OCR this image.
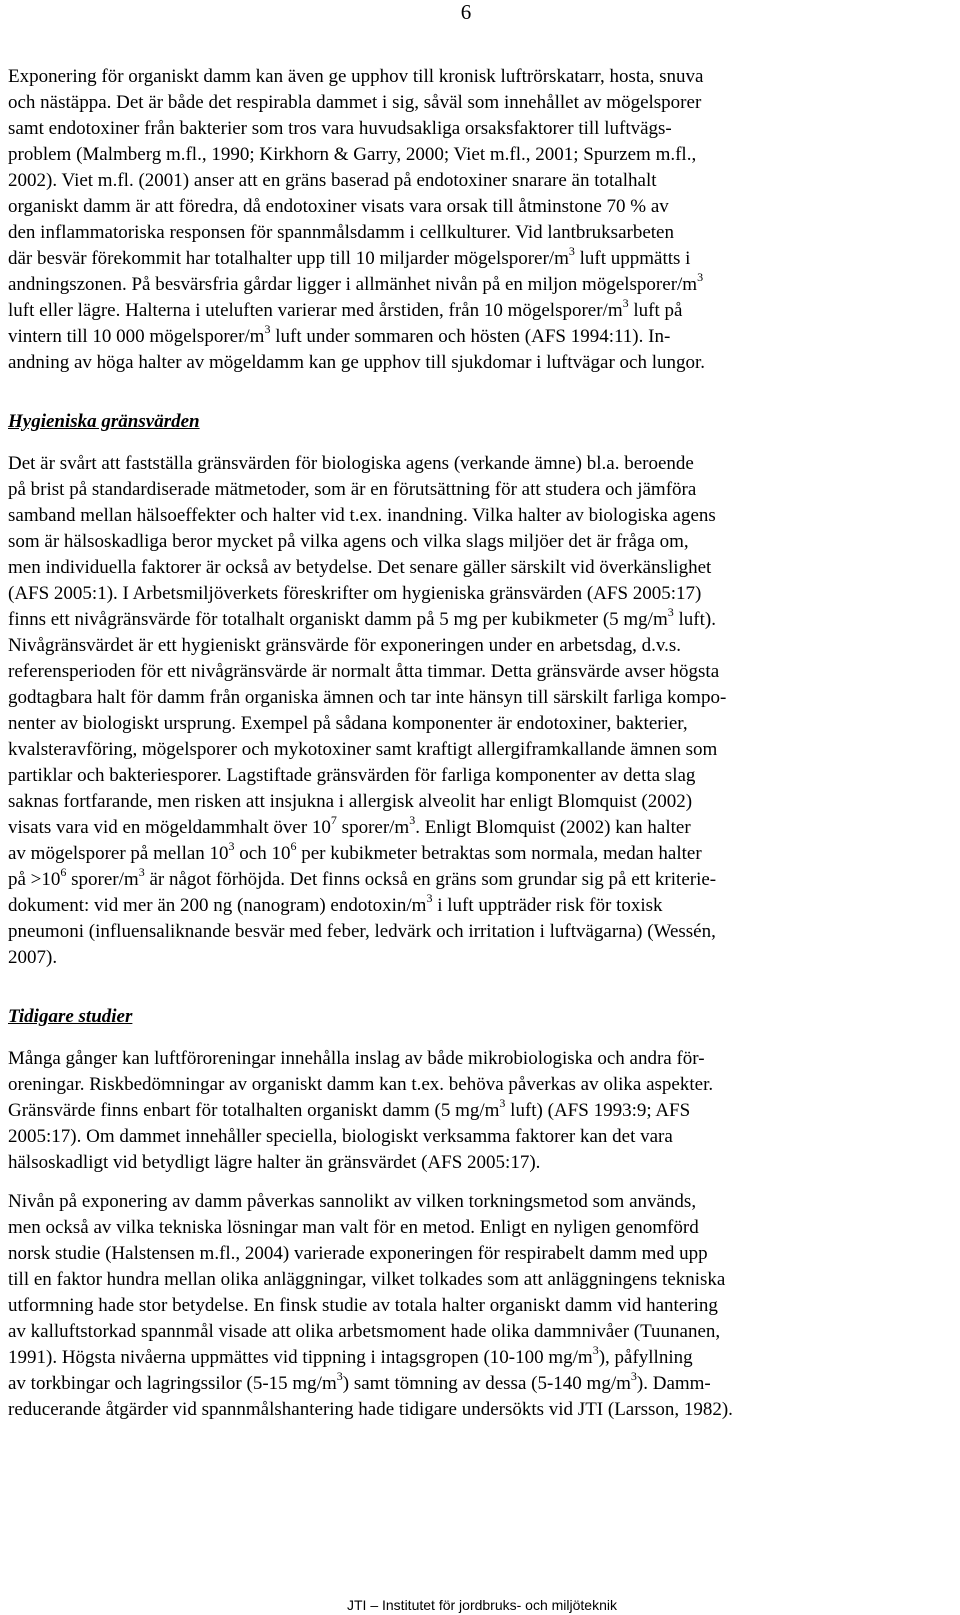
6

Exponering för organiskt damm kan även ge upphov till kronisk luftrörskatarr, hosta, snuva
och nästäppa. Det är både det respirabla dammet i sig, såväl som innehållet av mögelsporer
samt endotoxiner från bakterier som tros vara huvudsakliga orsaksfaktorer till luftvägs-
problem (Malmberg m.fl., 1990; Kirkhorn & Garry, 2000; Viet m.fl., 2001; Spurzem m.fl.,
2002). Viet m.fl. (2001) anser att en gräns baserad på endotoxiner snarare än totalhalt
organiskt damm är att föredra, då endotoxiner visats vara orsak till åtminstone 70 % av
den inflammatoriska responsen för spannmålsdamm i cellkulturer. Vid lantbruksarbeten
där besvär förekommit har totalhalter upp till 10 miljarder mögelsporer/$m^3$ luft uppmätts i
andningszonen. På besvärsfria gårdar ligger i allmänhet nivån på en miljon mögelsporer/$m^3$
luft eller lägre. Halterna i uteluften varierar med årstiden, från 10 mögelsporer/$m^3$ luft på
vintern till 10 000 mögelsporer/$m^3$ luft under sommaren och hösten (AFS 1994:11). In-
andning av höga halter av mögeldamm kan ge upphov till sjukdomar i luftvägar och lungor.

Hygieniska gränsvärden

Det är svårt att fastställa gränsvärden för biologiska agens (verkande ämne) bl.a. beroende
på brist på standardiserade mätmetoder, som är en förutsättning för att studera och jämföra
samband mellan hälsoeffekter och halter vid t.ex. inandning. Vilka halter av biologiska agens
som är hälsoskadliga beror mycket på vilka agens och vilka slags miljöer det är fråga om,
men individuella faktorer är också av betydelse. Det senare gäller särskilt vid överkänslighet
(AFS 2005:1). I Arbetsmiljöverkets föreskrifter om hygieniska gränsvärden (AFS 2005:17)
finns ett nivågränsvärde för totalhalt organiskt damm på 5 mg per kubikmeter (5 $mg/m^3$ luft).
Nivågränsvärdet är ett hygieniskt gränsvärde för exponeringen under en arbetsdag, d.v.s.
referensperioden för ett nivågränsvärde är normalt åtta timmar. Detta gränsvärde avser högsta
godtagbara halt för damm från organiska ämnen och tar inte hänsyn till särskilt farliga kompo-
nenter av biologiskt ursprung. Exempel på sådana komponenter är endotoxiner, bakterier,
kvalsteravföring, mögelsporer och mykotoxiner samt kraftigt allergiframkallande ämnen som
partiklar och bakteriesporer. Lagstiftade gränsvärden för farliga komponenter av detta slag
saknas fortfarande, men risken att insjukna i allergisk alveolit har enligt Blomquist (2002)
visats vara vid en mögeldammhalt över $10^7$ sporer/$m^3$. Enligt Blomquist (2002) kan halter
av mögelsporer på mellan $10^3$ och $10^6$ per kubikmeter betraktas som normala, medan halter
på $>10^6$ sporer/$m^3$ är något förhöjda. Det finns också en gräns som grundar sig på ett kriterie-
dokument: vid mer än 200 ng (nanogram) endotoxin/$m^3$ i luft uppträder risk för toxisk
pneumoni (influensaliknande besvär med feber, ledvärk och irritation i luftvägarna) (Wessén,
2007).

Tidigare studier

Många gånger kan luftföroreningar innehålla inslag av både mikrobiologiska och andra för-
oreningar. Riskbedömningar av organiskt damm kan t.ex. behöva påverkas av olika aspekter.
Gränsvärde finns enbart för totalhalten organiskt damm (5 $mg/m^3$ luft) (AFS 1993:9; AFS
2005:17). Om dammet innehåller speciella, biologiskt verksamma faktorer kan det vara
hälsoskadligt vid betydligt lägre halter än gränsvärdet (AFS 2005:17).

Nivån på exponering av damm påverkas sannolikt av vilken torkningsmetod som används,
men också av vilka tekniska lösningar man valt för en metod. Enligt en nyligen genomförd
norsk studie (Halstensen m.fl., 2004) varierade exponeringen för respirabelt damm med upp
till en faktor hundra mellan olika anläggningar, vilket tolkades som att anläggningens tekniska
utformning hade stor betydelse. En finsk studie av totala halter organiskt damm vid hantering
av kalluftstorkad spannmål visade att olika arbetsmoment hade olika dammnivåer (Tuunanen,
1991). Högsta nivåerna uppmättes vid tippning i intagsgropen (10-100 $mg/m^3$), påfyllning
av torkbingar och lagringssilor (5-15 $mg/m^3$) samt tömning av dessa (5-140 $mg/m^3$). Damm-
reducerande åtgärder vid spannmålshantering hade tidigare undersökts vid JTI (Larsson, 1982).

JTI – Institutet för jordbruks- och miljöteknik
